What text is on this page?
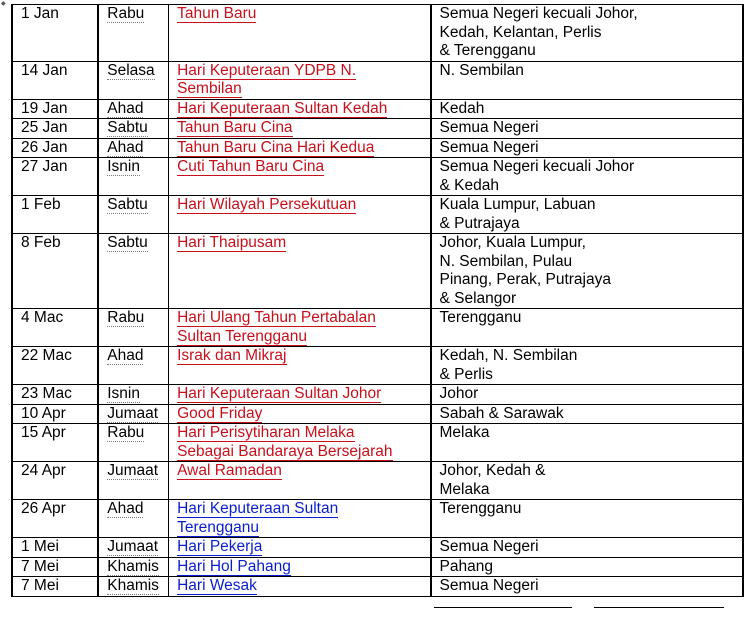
◆
1 Jan	Rabu	Tahun Baru	Semua Negeri kecuali Johor,
Kedah, Kelantan, Perlis
& Terengganu

14 Jan	Selasa	Hari Keputeraan YDPB N.
Sembilan	N. Sembilan

19 Jan	Ahad	Hari Keputeraan Sultan Kedah	Kedah

25 Jan	Sabtu	Tahun Baru Cina	Semua Negeri

26 Jan	Ahad	Tahun Baru Cina Hari Kedua	Semua Negeri

27 Jan	Isnin	Cuti Tahun Baru Cina	Semua Negeri kecuali Johor
& Kedah

1 Feb	Sabtu	Hari Wilayah Persekutuan	Kuala Lumpur, Labuan
& Putrajaya

8 Feb	Sabtu	Hari Thaipusam	Johor, Kuala Lumpur,
N. Sembilan, Pulau
Pinang, Perak, Putrajaya
& Selangor

4 Mac	Rabu	Hari Ulang Tahun Pertabalan
Sultan Terengganu	Terengganu

22 Mac	Ahad	Israk dan Mikraj	Kedah, N. Sembilan
& Perlis

23 Mac	Isnin	Hari Keputeraan Sultan Johor	Johor

10 Apr	Jumaat	Good Friday	Sabah & Sarawak

15 Apr	Rabu	Hari Perisytiharan Melaka
Sebagai Bandaraya Bersejarah	Melaka

24 Apr	Jumaat	Awal Ramadan	Johor, Kedah &
Melaka

26 Apr	Ahad	Hari Keputeraan Sultan
Terengganu	Terengganu

1 Mei	Jumaat	Hari Pekerja	Semua Negeri

7 Mei	Khamis	Hari Hol Pahang	Pahang

7 Mei	Khamis	Hari Wesak	Semua Negeri
